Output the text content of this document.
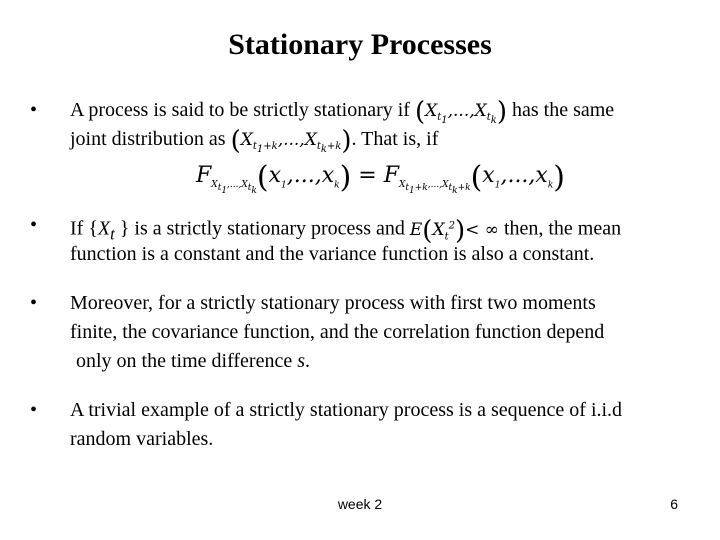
Stationary Processes
• A process is said to be strictly stationary if $(X_{t_1},...,X_{t_k})$ has the same
joint distribution as $(X_{t_1+k},...,X_{t_k+k})$. That is, if
$F_{X_{t_1},...,X_{t_k}}(x_1,...,x_k) = F_{X_{t_1+k},...,X_{t_k+k}}(x_1,...,x_k)$
• If {$X_t$ } is a strictly stationary process and $E(X_t^2)<$ ∞ then, the mean
function is a constant and the variance function is also a constant.
• Moreover, for a strictly stationary process with first two moments
finite, the covariance function, and the correlation function depend
only on the time difference s.
• A trivial example of a strictly stationary process is a sequence of i.i.d
random variables.
week 2	6
